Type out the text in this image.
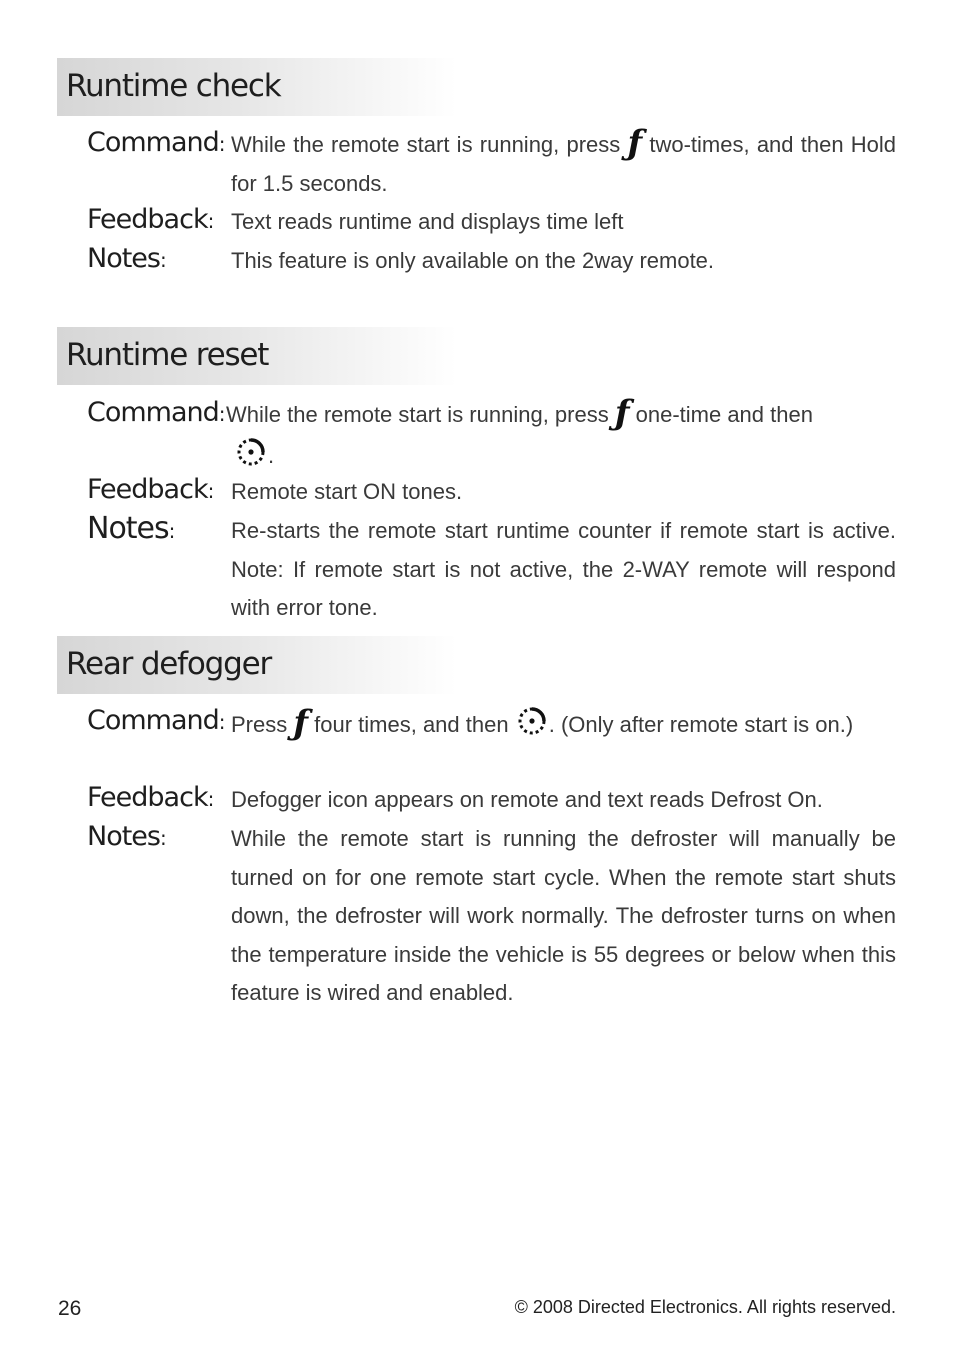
Runtime check
Command: While the remote start is running, press ƒ two-times, and then Hold for 1.5 seconds.
Feedback: Text reads runtime and displays time left
Notes:	This feature is only available on the 2way remote.
Runtime reset
Command: While the remote start is running, press ƒ one-time and then
.
Feedback: Remote start ON tones.
Notes:	Re-starts the remote start runtime counter if remote start is active. Note: If remote start is not active, the 2-WAY remote will respond with error tone.
Rear defogger
Command: Press ƒ four times, and then . (Only after remote start is on.)
Feedback: Defogger icon appears on remote and text reads Defrost On.
Notes:	While the remote start is running the defroster will manually be turned on for one remote start cycle. When the remote start shuts down, the defroster will work normally. The defroster turns on when the temperature inside the vehicle is 55 degrees or below when this feature is wired and enabled.
26	© 2008 Directed Electronics. All rights reserved.
